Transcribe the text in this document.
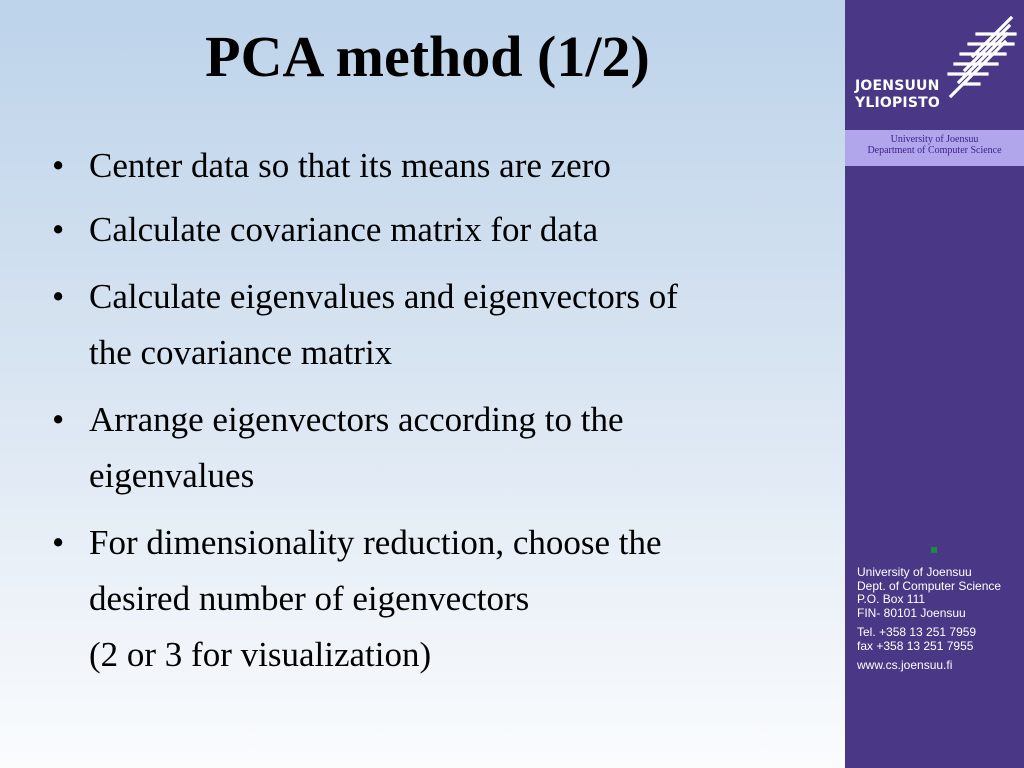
PCA method (1/2)
• Center data so that its means are zero
• Calculate covariance matrix for data
• Calculate eigenvalues and eigenvectors of
the covariance matrix
• Arrange eigenvectors according to the
eigenvalues
• For dimensionality reduction, choose the
desired number of eigenvectors
(2 or 3 for visualization)
JOENSUUN
YLIOPISTO
University of Joensuu
Department of Computer Science
University of Joensuu
Dept. of Computer Science
P.O. Box 111
FIN- 80101 Joensuu
Tel. +358 13 251 7959
fax +358 13 251 7955
www.cs.joensuu.fi
